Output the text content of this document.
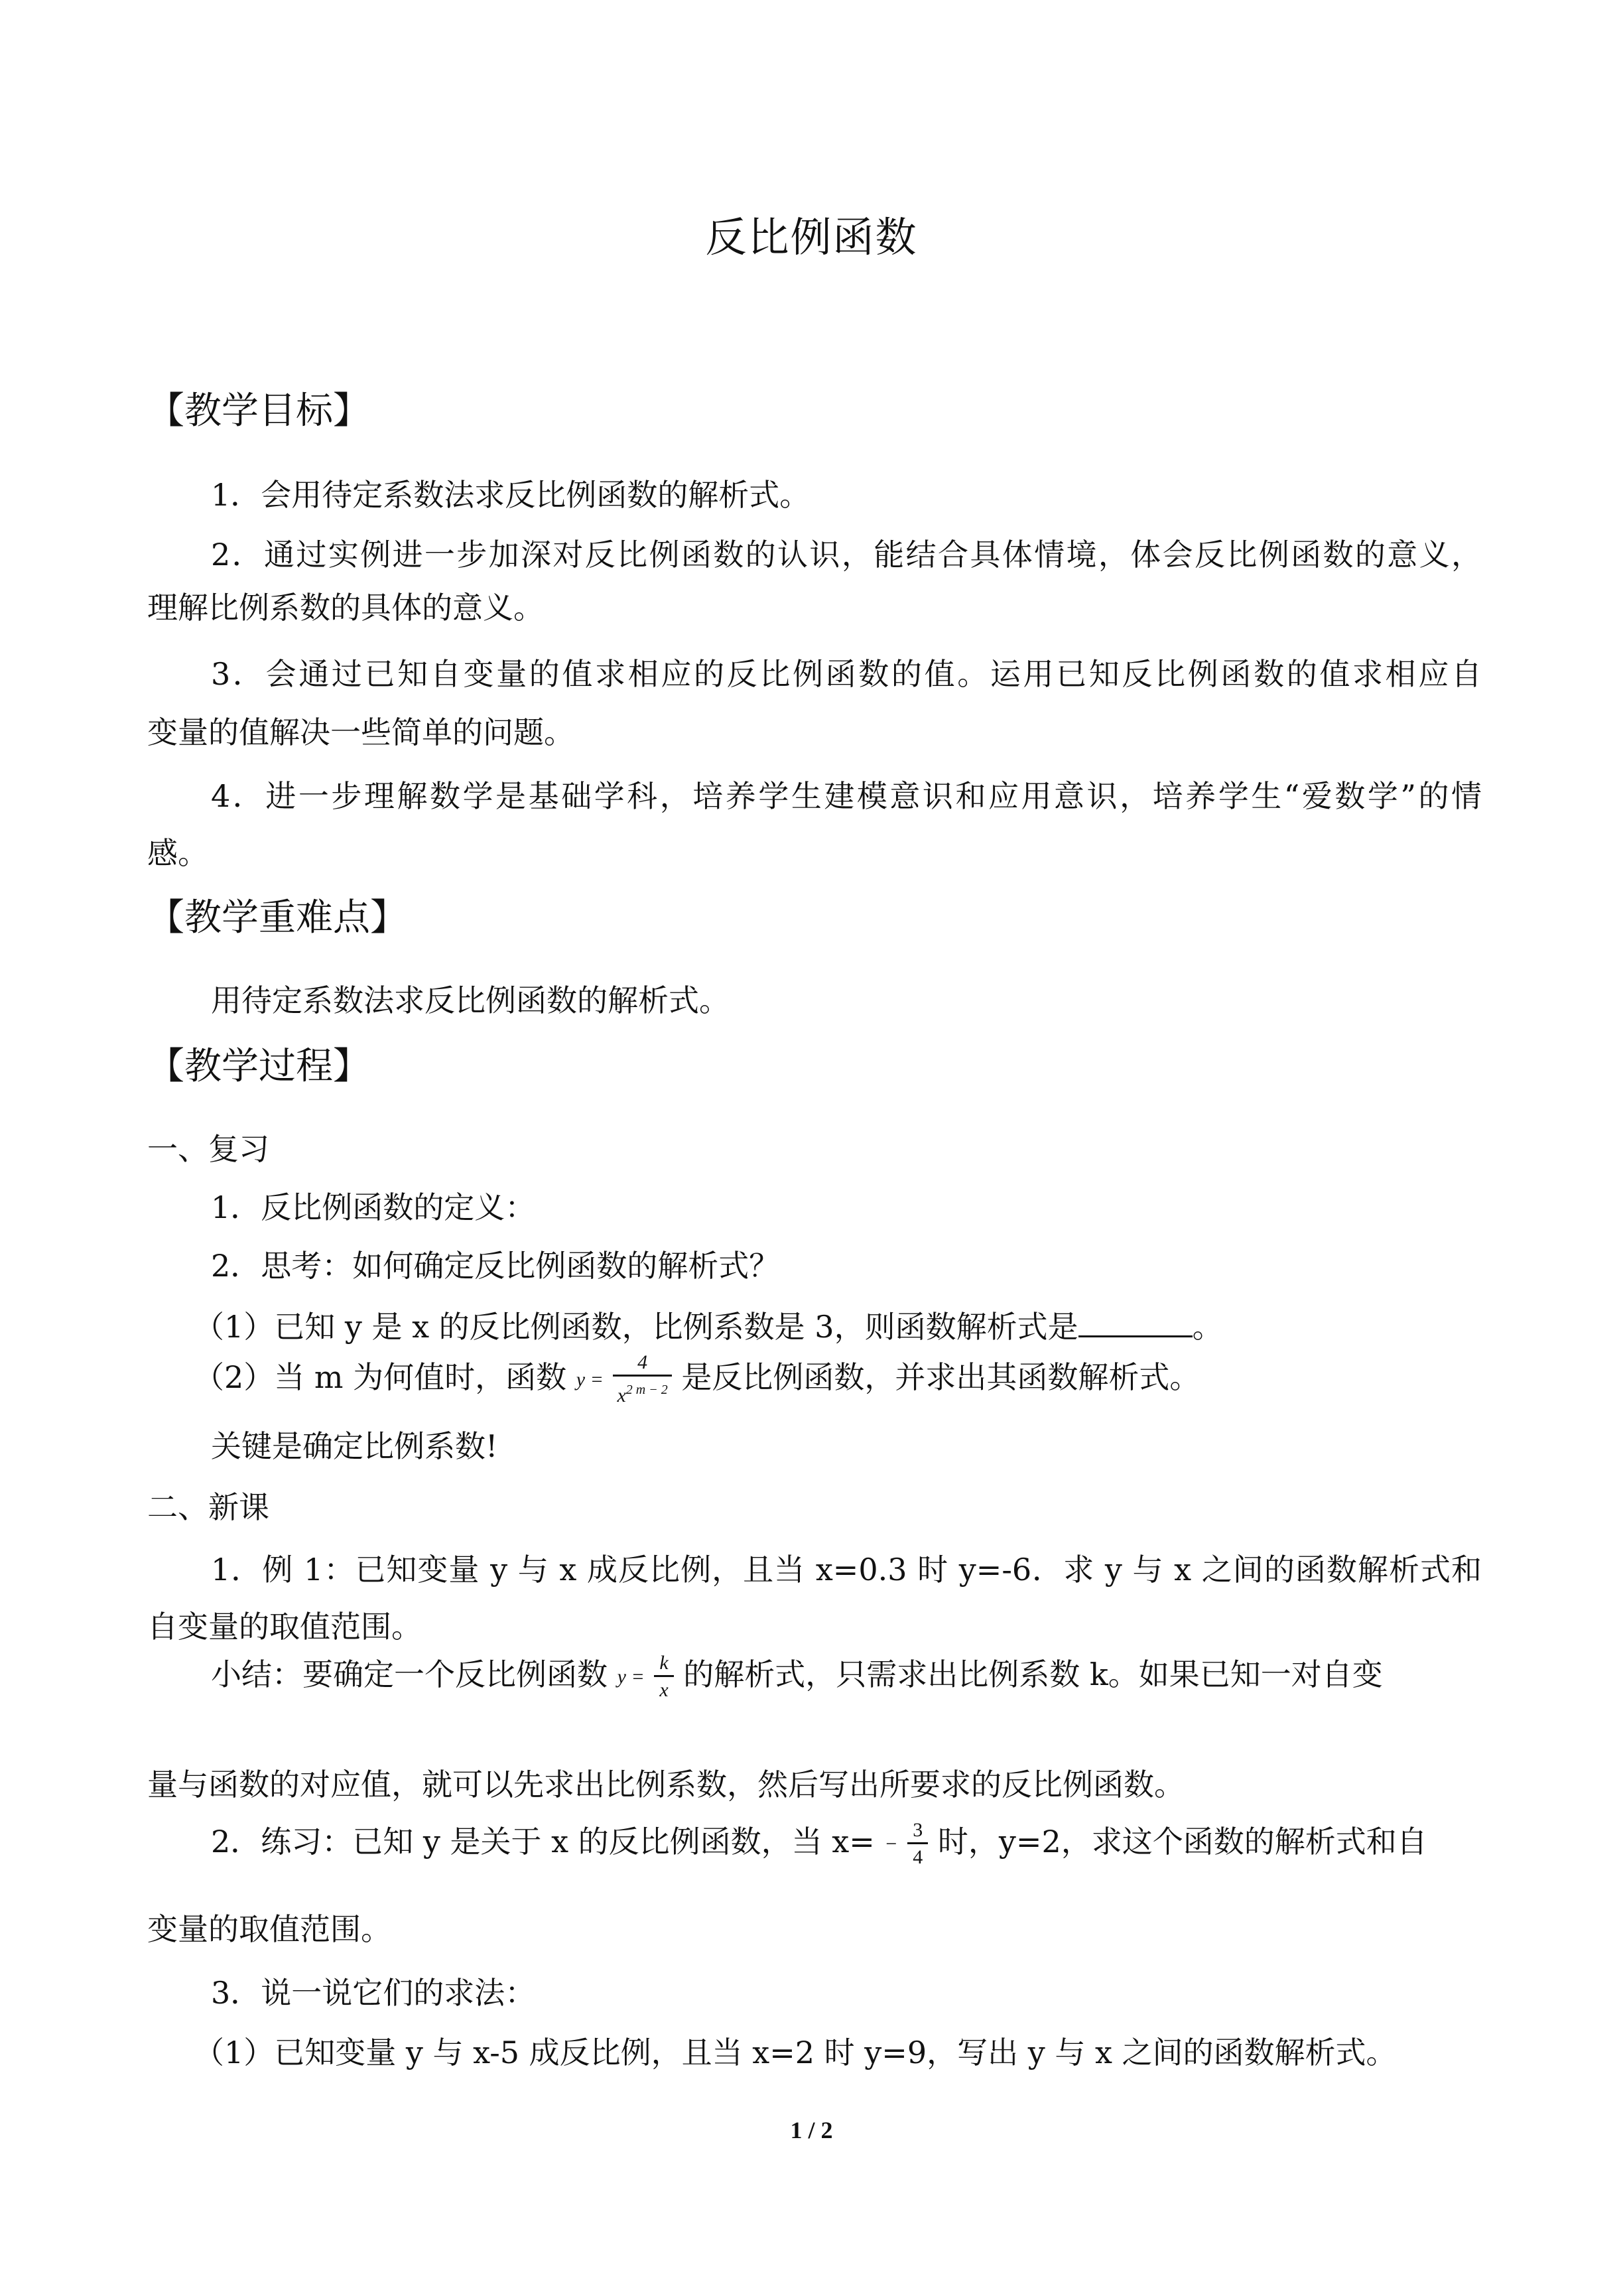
反比例函数
【教学目标】
1．会用待定系数法求反比例函数的解析式。
2．通过实例进一步加深对反比例函数的认识，能结合具体情境，体会反比例函数的意义，
理解比例系数的具体的意义。
3．会通过已知自变量的值求相应的反比例函数的值。运用已知反比例函数的值求相应自
变量的值解决一些简单的问题。
4．进一步理解数学是基础学科，培养学生建模意识和应用意识，培养学生“爱数学”的情
感。
【教学重难点】
用待定系数法求反比例函数的解析式。
【教学过程】
一、复习
1．反比例函数的定义：
2．思考：如何确定反比例函数的解析式？
（1）已知 y 是 x 的反比例函数，比例系数是 3，则函数解析式是	。
（2）当 m 为何值时，函数 $y = \frac{4}{x^{2 m - 2}}$ 是反比例函数，并求出其函数解析式。
关键是确定比例系数!
二、新课
1．例 1：已知变量 y 与 x 成反比例，且当 x=0.3 时 y=-6．求 y 与 x 之间的函数解析式和
自变量的取值范围。
小结：要确定一个反比例函数 $y = \frac{k}{x}$ 的解析式，只需求出比例系数 k。如果已知一对自变
量与函数的对应值，就可以先求出比例系数，然后写出所要求的反比例函数。
2．练习：已知 y 是关于 x 的反比例函数，当 $x= - \frac{3}{4}$ 时，y=2，求这个函数的解析式和自
变量的取值范围。
3．说一说它们的求法：
（1）已知变量 y 与 x-5 成反比例，且当 x=2 时 y=9，写出 y 与 x 之间的函数解析式。
1 / 2
